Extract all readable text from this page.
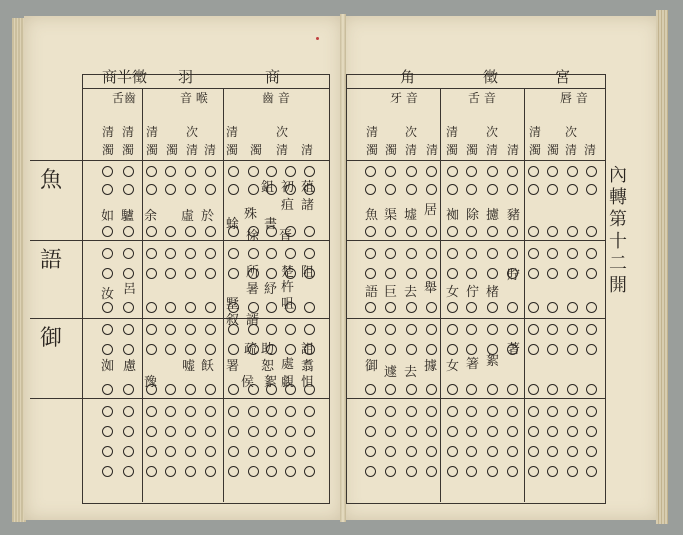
商
羽
商半徵
音 喉	齒 音
舌齒
清
次
清
濁
清
濁
清
次
清
濁
清
濁
清
濁
清
濁
葅
初
鉏
諸
疽
虛 於
余
驢
如
書
胥
殊
蜍
徐
阻
楚
杵
所
紓
暑
咀
墅
叙 諝
呂
汝
詛
翥
怚
處
覷
助
疏
恕
署
絮
侯
飫
嘘
豫
慮
洳
宮
徵
角
唇 音
舌 音
牙 音
清
次
清
濁
清
濁
清
次
清
濁
清
濁
清
次
清
濁
清
濁
居
墟
渠
魚	豬
攄
除
袽
舉
去
巨
語
貯
楮
佇
女
據
去
遽
御
著
絮
箸
女
魚
語
御
內轉第十二開
